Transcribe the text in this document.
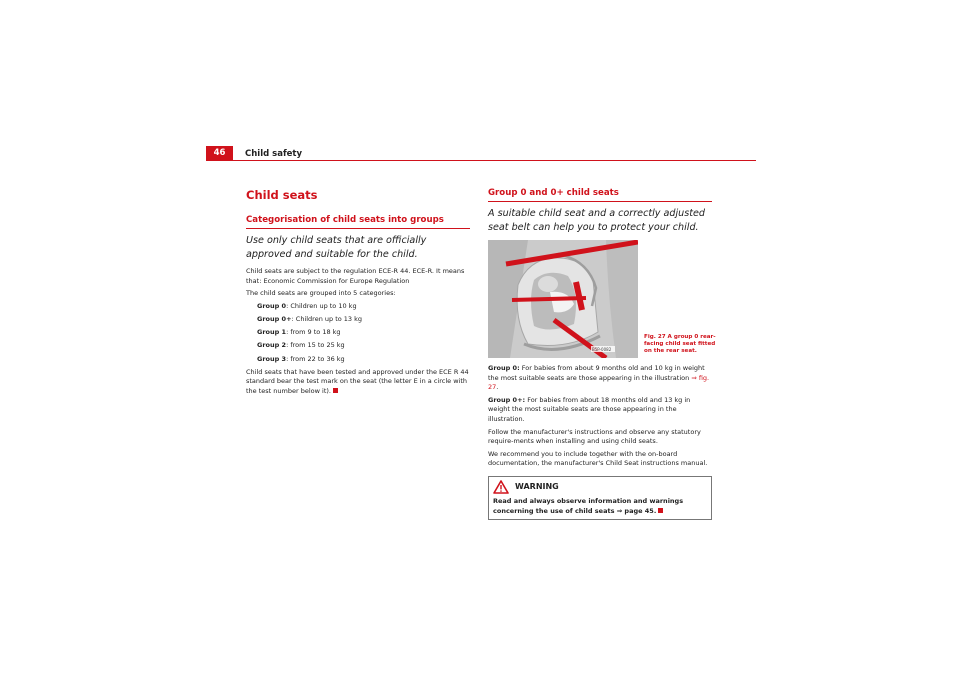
46	Child safety
Child seats
Categorisation of child seats into groups

Use only child seats that are officially approved and suitable for the child.

Child seats are subject to the regulation ECE-R 44. ECE-R. It means that: Economic Commission for Europe Regulation

The child seats are grouped into 5 categories:

Group 0: Children up to 10 kg
Group 0+: Children up to 13 kg
Group 1: from 9 to 18 kg
Group 2: from 15 to 25 kg
Group 3: from 22 to 36 kg

Child seats that have been tested and approved under the ECE R 44 standard bear the test mark on the seat (the letter E in a circle with the test number below it).

Group 0 and 0+ child seats

A suitable child seat and a correctly adjusted seat belt can help you to protect your child.

B5P-0082
Fig. 27 A group 0 rear-facing child seat fitted on the rear seat.

Group 0: For babies from about 9 months old and 10 kg in weight the most suitable seats are those appearing in the illustration ⇒ fig. 27.

Group 0+: For babies from about 18 months old and 13 kg in weight the most suitable seats are those appearing in the illustration.

Follow the manufacturer's instructions and observe any statutory require-ments when installing and using child seats.

We recommend you to include together with the on-board documentation, the manufacturer's Child Seat instructions manual.

WARNING
Read and always observe information and warnings concerning the use of child seats ⇒ page 45.
